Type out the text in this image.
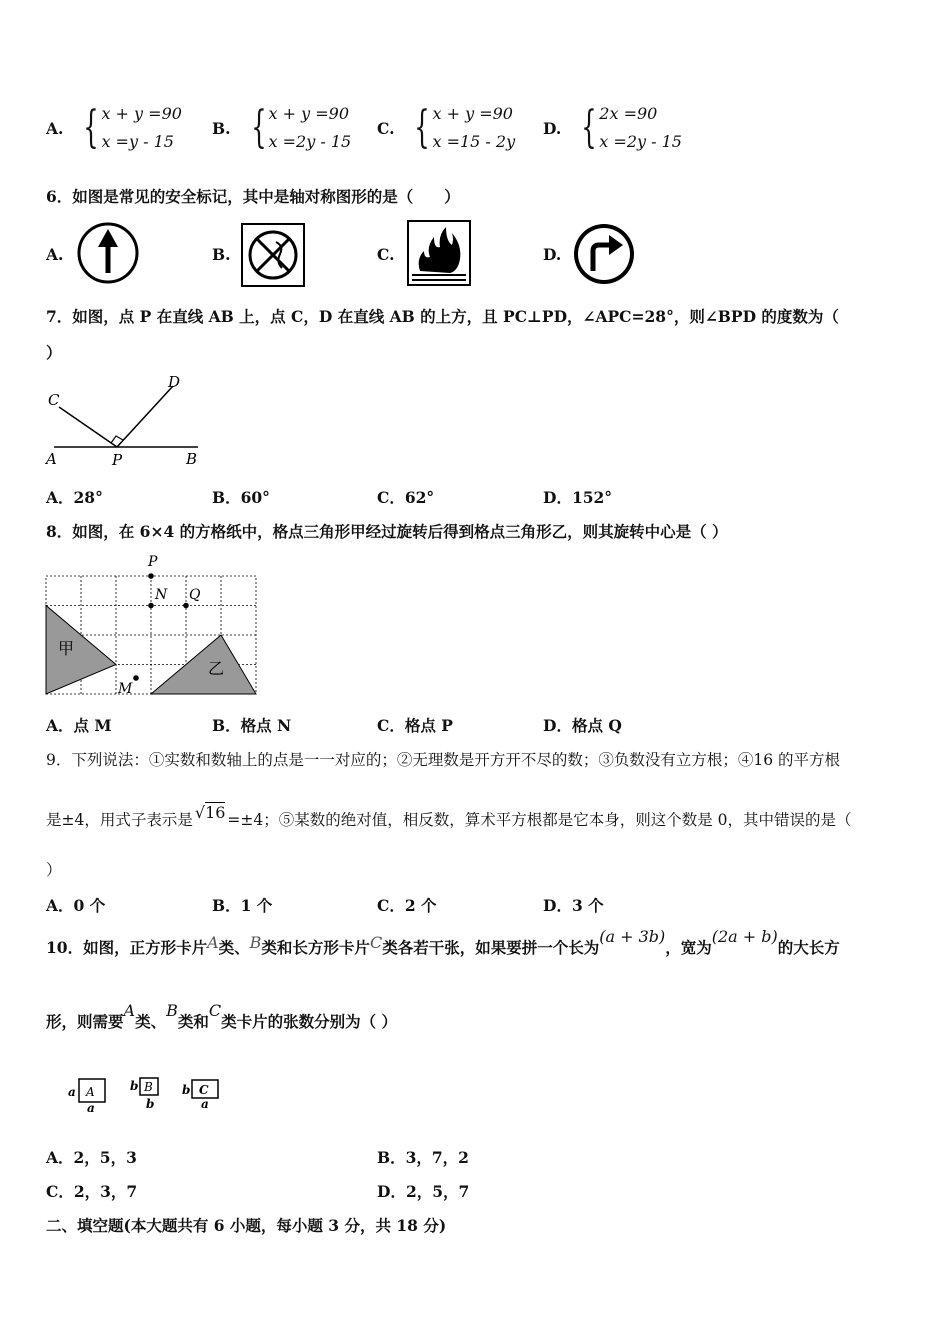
A. { x + y =90
x =y - 15
B. { x + y =90
x =2y - 15
C. { x + y =90
x =15 - 2y
D. { 2x =90
x =2y - 15
6．如图是常见的安全标记，其中是轴对称图形的是（　　）
A.	B.	C.	D.
7．如图，点 P 在直线 AB 上，点 C，D 在直线 AB 的上方，且 PC⊥PD，∠APC=28°，则∠BPD 的度数为（
）
C
D
A	P	B
A．28°	B．60°	C．62°	D．152°
8．如图，在 6×4 的方格纸中，格点三角形甲经过旋转后得到格点三角形乙，则其旋转中心是（ ）
P
N Q
M
甲
乙
A．点 M	B．格点 N	C．格点 P	D．格点 Q
9．下列说法：①实数和数轴上的点是一一对应的；②无理数是开方开不尽的数；③负数没有立方根；④16 的平方根
是±4，用式子表示是 √16 =±4；⑤某数的绝对值，相反数，算术平方根都是它本身，则这个数是 0，其中错误的是（
）
A．0 个	B．1 个	C．2 个	D．3 个
10．如图，正方形卡片 A 类、 B 类和长方形卡片 C 类各若干张，如果要拼一个长为
(a + 3b)
，宽为
(2a + b)
的大长方
形，则需要
A
类、
B
类和
C
类卡片的张数分别为（ ）
a A
a
b B
b
b C
a
A．2，5，3	B．3，7，2
C．2，3，7	D．2，5，7
二、填空题(本大题共有 6 小题，每小题 3 分，共 18 分)
